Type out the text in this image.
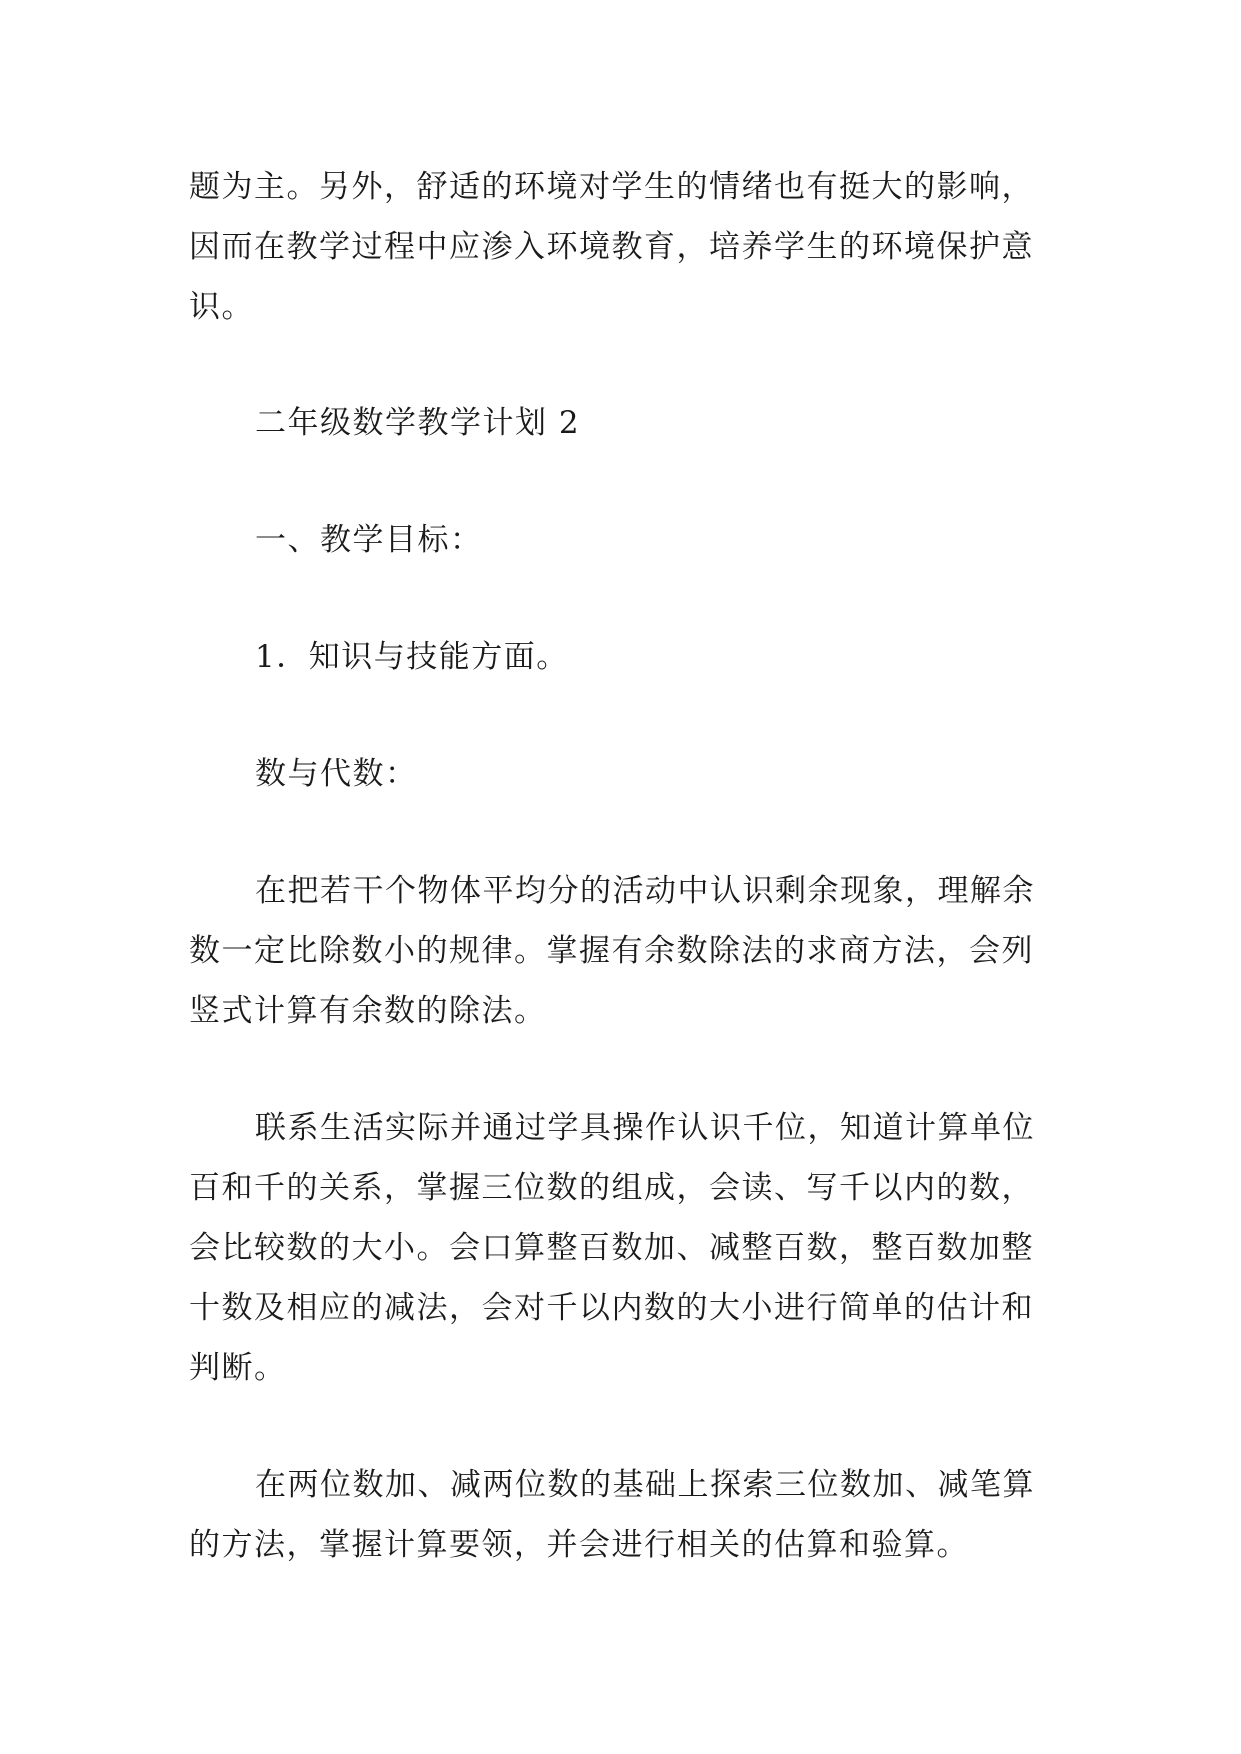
题为主。另外，舒适的环境对学生的情绪也有挺大的影响，因而在教学过程中应渗入环境教育，培养学生的环境保护意识。

二年级数学教学计划 2

一、教学目标：

1．知识与技能方面。

数与代数：

在把若干个物体平均分的活动中认识剩余现象，理解余数一定比除数小的规律。掌握有余数除法的求商方法，会列竖式计算有余数的除法。

联系生活实际并通过学具操作认识千位，知道计算单位百和千的关系，掌握三位数的组成，会读、写千以内的数，会比较数的大小。会口算整百数加、减整百数，整百数加整十数及相应的减法，会对千以内数的大小进行简单的估计和判断。

在两位数加、减两位数的基础上探索三位数加、减笔算的方法，掌握计算要领，并会进行相关的估算和验算。
